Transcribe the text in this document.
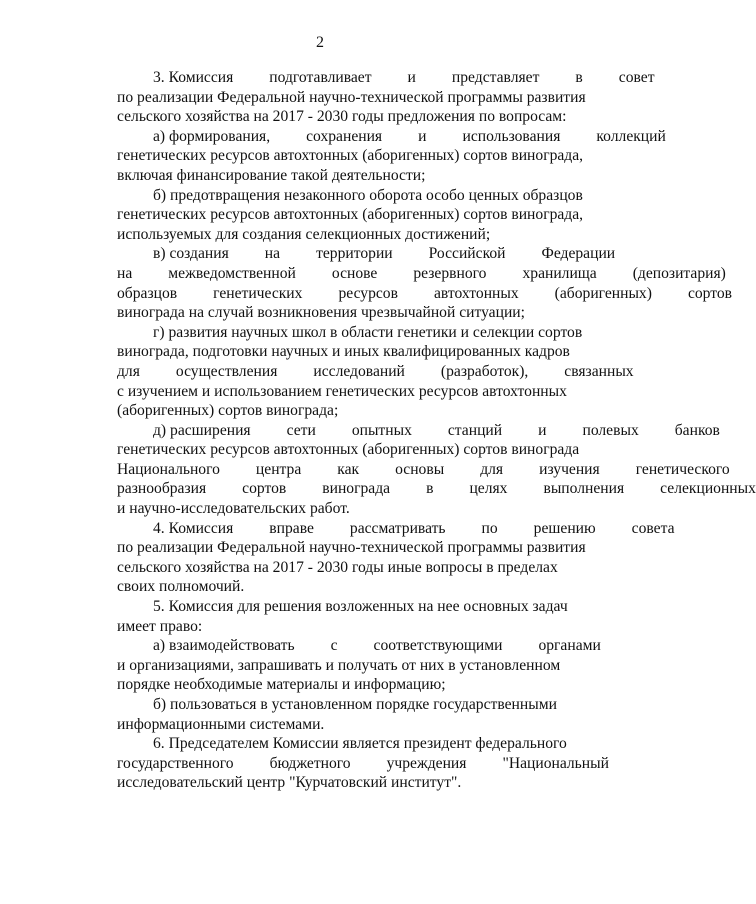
2
3. Комиссия	подготавливает	и	представляет	в	совет
по реализации Федеральной научно-технической программы развития
сельского хозяйства на 2017 - 2030 годы предложения по вопросам:
а) формирования,	сохранения	и	использования	коллекций
генетических ресурсов автохтонных (аборигенных) сортов винограда,
включая финансирование такой деятельности;
б) предотвращения незаконного оборота особо ценных образцов
генетических ресурсов автохтонных (аборигенных) сортов винограда,
используемых для создания селекционных достижений;
в) создания	на	территории	Российской	Федерации
на	межведомственной	основе	резервного	хранилища	(депозитария)
образцов	генетических	ресурсов	автохтонных	(аборигенных)	сортов
винограда на случай возникновения чрезвычайной ситуации;
г) развития научных школ в области генетики и селекции сортов
винограда, подготовки научных и иных квалифицированных кадров
для	осуществления	исследований	(разработок),	связанных
с изучением и использованием генетических ресурсов автохтонных
(аборигенных) сортов винограда;
д) расширения	сети	опытных	станций	и	полевых	банков
генетических ресурсов автохтонных (аборигенных) сортов винограда
Национального	центра	как	основы	для	изучения	генетического
разнообразия	сортов	винограда	в	целях	выполнения	селекционных
и научно-исследовательских работ.
4. Комиссия	вправе	рассматривать	по	решению	совета
по реализации Федеральной научно-технической программы развития
сельского хозяйства на 2017 - 2030 годы иные вопросы в пределах
своих полномочий.
5. Комиссия для решения возложенных на нее основных задач
имеет право:
а) взаимодействовать	с	соответствующими	органами
и организациями, запрашивать и получать от них в установленном
порядке необходимые материалы и информацию;
б) пользоваться в установленном порядке государственными
информационными системами.
6. Председателем Комиссии является президент федерального
государственного	бюджетного	учреждения	"Национальный
исследовательский центр "Курчатовский институт".
